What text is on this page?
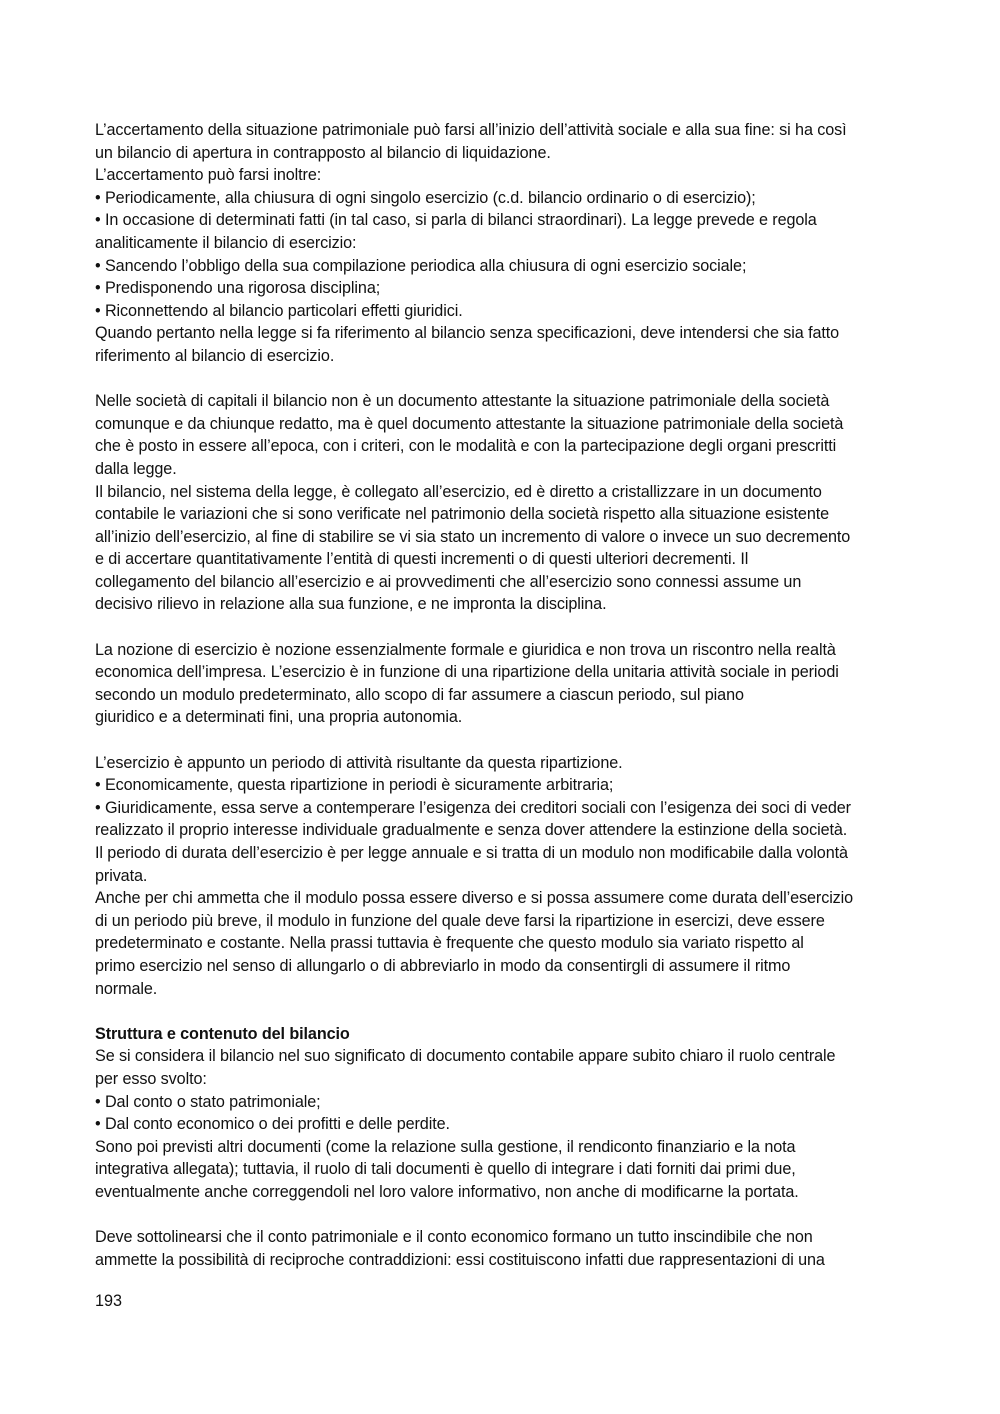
L’accertamento della situazione patrimoniale può farsi all’inizio dell’attività sociale e alla sua fine: si ha così
un bilancio di apertura in contrapposto al bilancio di liquidazione.
L’accertamento può farsi inoltre:
• Periodicamente, alla chiusura di ogni singolo esercizio (c.d. bilancio ordinario o di esercizio);
• In occasione di determinati fatti (in tal caso, si parla di bilanci straordinari). La legge prevede e regola
analiticamente il bilancio di esercizio:
• Sancendo l’obbligo della sua compilazione periodica alla chiusura di ogni esercizio sociale;
• Predisponendo una rigorosa disciplina;
• Riconnettendo al bilancio particolari effetti giuridici.
Quando pertanto nella legge si fa riferimento al bilancio senza specificazioni, deve intendersi che sia fatto
riferimento al bilancio di esercizio.
Nelle società di capitali il bilancio non è un documento attestante la situazione patrimoniale della società
comunque e da chiunque redatto, ma è quel documento attestante la situazione patrimoniale della società
che è posto in essere all’epoca, con i criteri, con le modalità e con la partecipazione degli organi prescritti
dalla legge.
Il bilancio, nel sistema della legge, è collegato all’esercizio, ed è diretto a cristallizzare in un documento
contabile le variazioni che si sono verificate nel patrimonio della società rispetto alla situazione esistente
all’inizio dell’esercizio, al fine di stabilire se vi sia stato un incremento di valore o invece un suo decremento
e di accertare quantitativamente l’entità di questi incrementi o di questi ulteriori decrementi. Il
collegamento del bilancio all’esercizio e ai provvedimenti che all’esercizio sono connessi assume un
decisivo rilievo in relazione alla sua funzione, e ne impronta la disciplina.
La nozione di esercizio è nozione essenzialmente formale e giuridica e non trova un riscontro nella realtà
economica dell’impresa. L’esercizio è in funzione di una ripartizione della unitaria attività sociale in periodi
secondo un modulo predeterminato, allo scopo di far assumere a ciascun periodo, sul piano
giuridico e a determinati fini, una propria autonomia.
L’esercizio è appunto un periodo di attività risultante da questa ripartizione.
• Economicamente, questa ripartizione in periodi è sicuramente arbitraria;
• Giuridicamente, essa serve a contemperare l’esigenza dei creditori sociali con l’esigenza dei soci di veder
realizzato il proprio interesse individuale gradualmente e senza dover attendere la estinzione della società.
Il periodo di durata dell’esercizio è per legge annuale e si tratta di un modulo non modificabile dalla volontà
privata.
Anche per chi ammetta che il modulo possa essere diverso e si possa assumere come durata dell’esercizio
di un periodo più breve, il modulo in funzione del quale deve farsi la ripartizione in esercizi, deve essere
predeterminato e costante. Nella prassi tuttavia è frequente che questo modulo sia variato rispetto al
primo esercizio nel senso di allungarlo o di abbreviarlo in modo da consentirgli di assumere il ritmo
normale.
Struttura e contenuto del bilancio
Se si considera il bilancio nel suo significato di documento contabile appare subito chiaro il ruolo centrale
per esso svolto:
• Dal conto o stato patrimoniale;
• Dal conto economico o dei profitti e delle perdite.
Sono poi previsti altri documenti (come la relazione sulla gestione, il rendiconto finanziario e la nota
integrativa allegata); tuttavia, il ruolo di tali documenti è quello di integrare i dati forniti dai primi due,
eventualmente anche correggendoli nel loro valore informativo, non anche di modificarne la portata.
Deve sottolinearsi che il conto patrimoniale e il conto economico formano un tutto inscindibile che non
ammette la possibilità di reciproche contraddizioni: essi costituiscono infatti due rappresentazioni di una
193
